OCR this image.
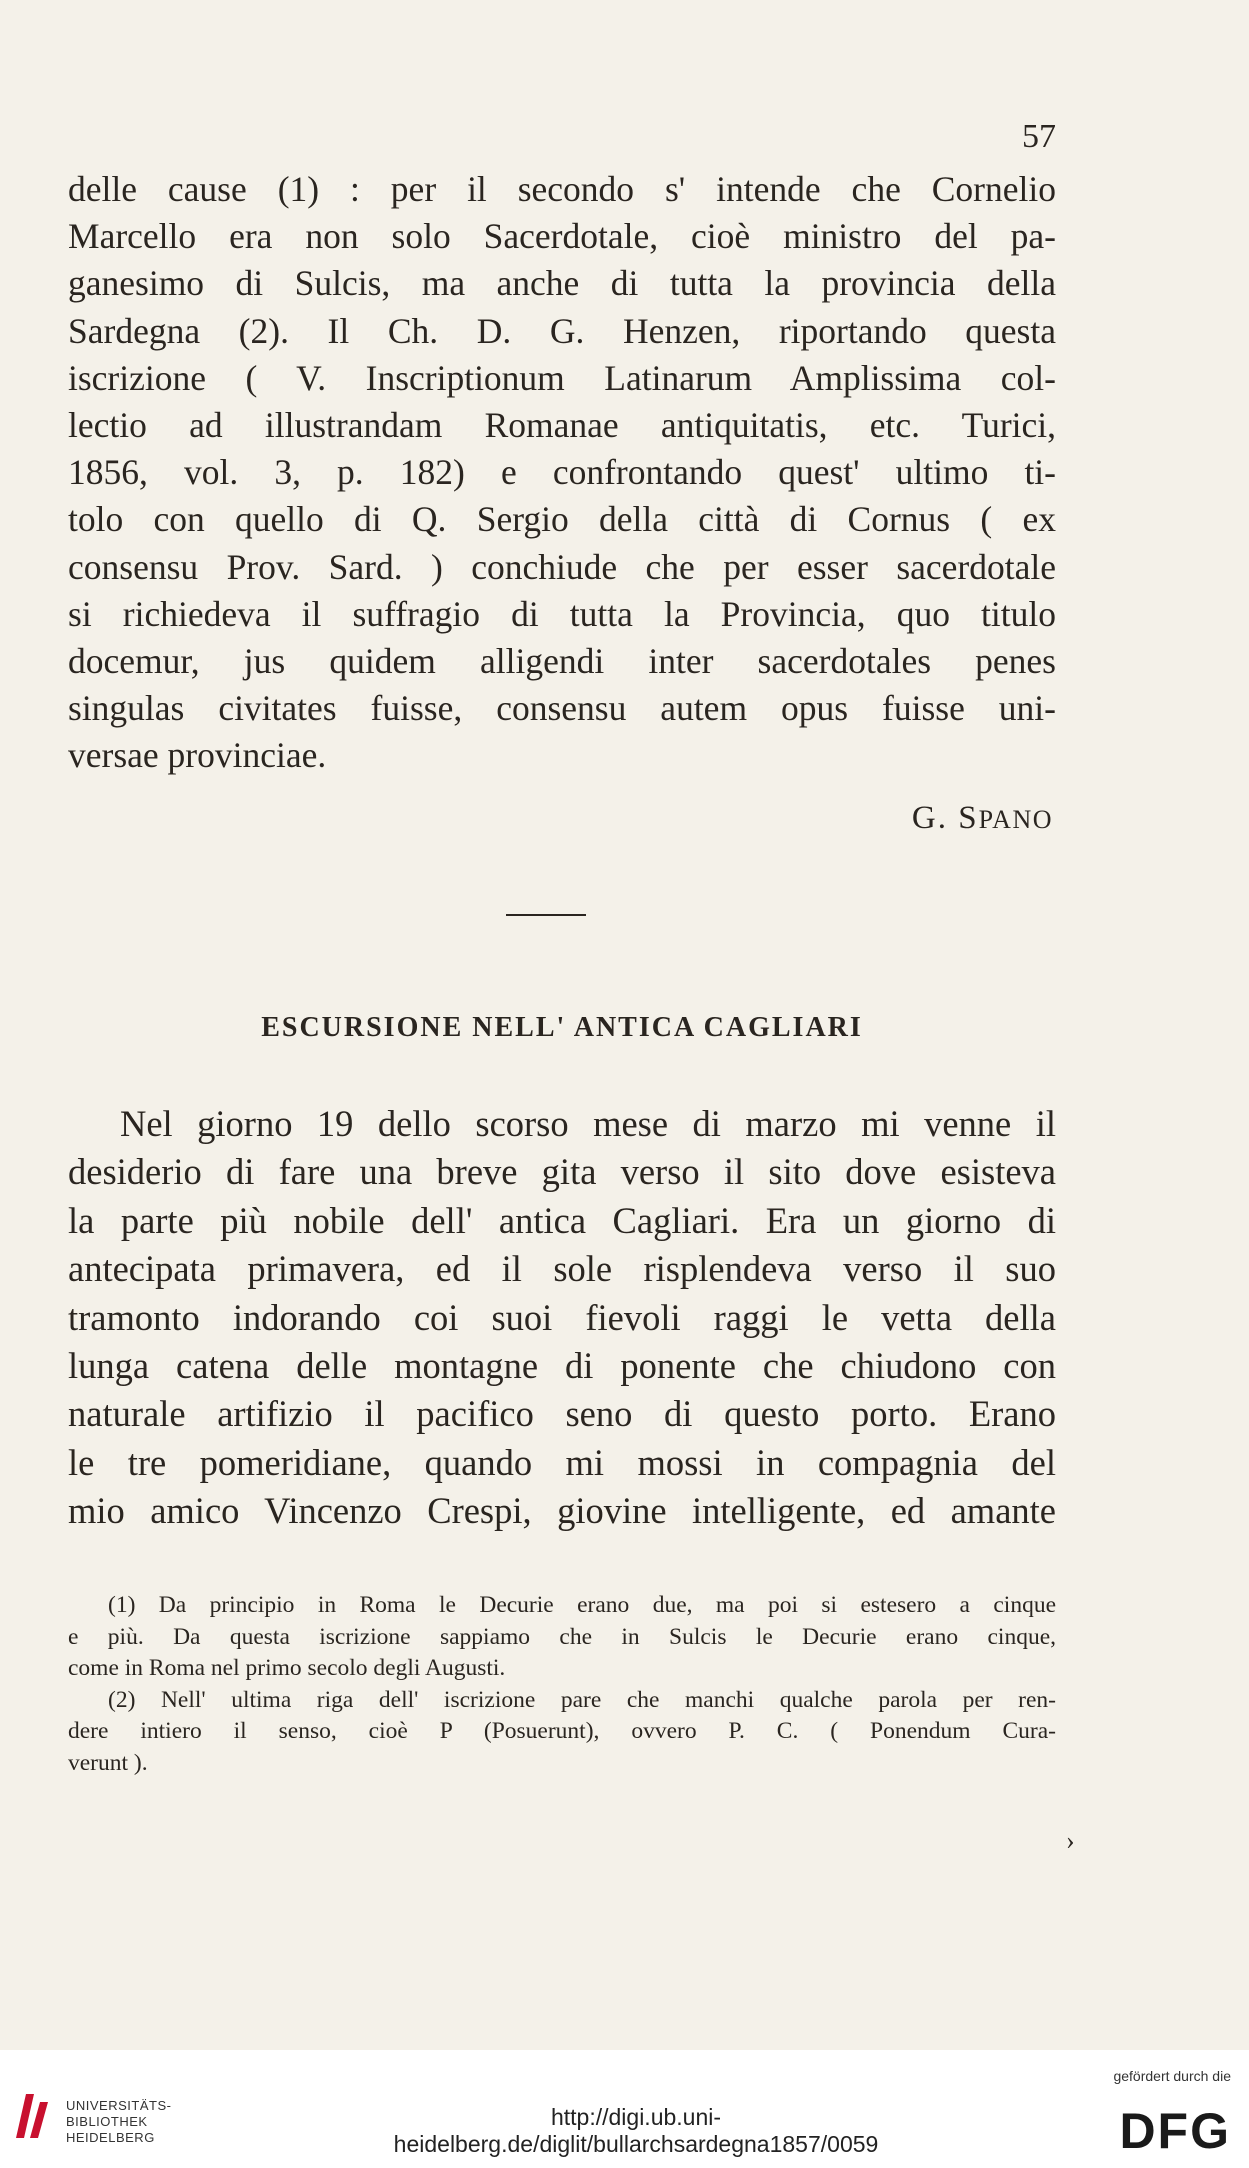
57
delle cause (1) : per il secondo s' intende che Cornelio
Marcello era non solo Sacerdotale, cioè ministro del pa-
ganesimo di Sulcis, ma anche di tutta la provincia della
Sardegna (2). Il Ch. D. G. Henzen, riportando questa
iscrizione ( V. Inscriptionum Latinarum Amplissima col-
lectio ad illustrandam Romanae antiquitatis, etc. Turici,
1856, vol. 3, p. 182) e confrontando quest' ultimo ti-
tolo con quello di Q. Sergio della città di Cornus ( ex
consensu Prov. Sard. ) conchiude che per esser sacerdotale
si richiedeva il suffragio di tutta la Provincia, quo titulo
docemur, jus quidem alligendi inter sacerdotales penes
singulas civitates fuisse, consensu autem opus fuisse uni-
versae provinciae.
G. SPANO
ESCURSIONE NELL' ANTICA CAGLIARI
Nel giorno 19 dello scorso mese di marzo mi venne il
desiderio di fare una breve gita verso il sito dove esisteva
la parte più nobile dell' antica Cagliari. Era un giorno di
antecipata primavera, ed il sole risplendeva verso il suo
tramonto indorando coi suoi fievoli raggi le vetta della
lunga catena delle montagne di ponente che chiudono con
naturale artifizio il pacifico seno di questo porto. Erano
le tre pomeridiane, quando mi mossi in compagnia del
mio amico Vincenzo Crespi, giovine intelligente, ed amante
(1) Da principio in Roma le Decurie erano due, ma poi si estesero a cinque
e più. Da questa iscrizione sappiamo che in Sulcis le Decurie erano cinque,
come in Roma nel primo secolo degli Augusti.
(2) Nell' ultima riga dell' iscrizione pare che manchi qualche parola per ren-
dere intiero il senso, cioè P (Posuerunt), ovvero P. C. ( Ponendum Cura-
verunt ).
›
UNIVERSITÄTS-
BIBLIOTHEK
HEIDELBERG
http://digi.ub.uni-heidelberg.de/diglit/bullarchsardegna1857/0059
gefördert durch die
DFG
